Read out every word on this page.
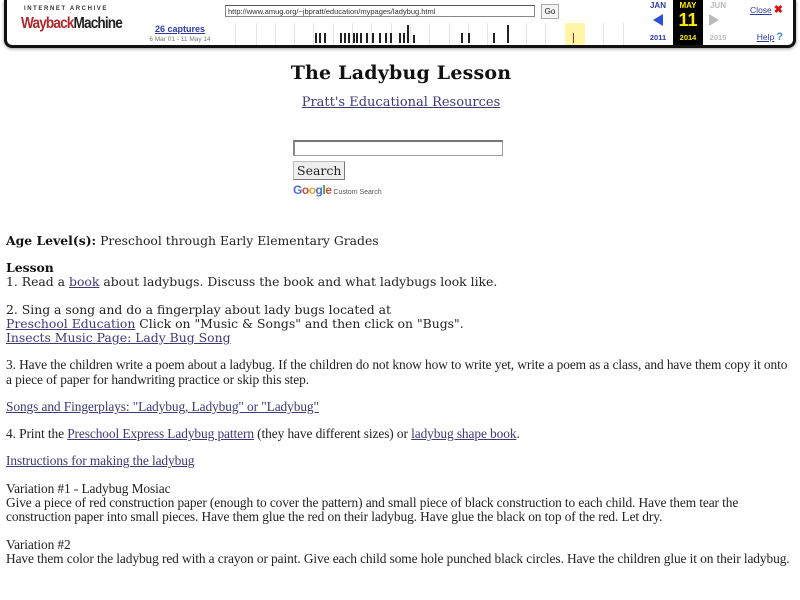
INTERNET ARCHIVE
WaybackMachine	26 captures
6 Mar 01 - 11 May 14
http://www.amug.org/~jbpratt/education/mypages/ladybug.html	Go
JAN
2011
MAY
11
2014
JUN
2015
Close ✖
Help ?
The Ladybug Lesson
Pratt's Educational Resources
Search
Google Custom Search

Age Level(s): Preschool through Early Elementary Grades

Lesson
1. Read a book about ladybugs. Discuss the book and what ladybugs look like.

2. Sing a song and do a fingerplay about lady bugs located at
Preschool Education Click on "Music & Songs" and then click on "Bugs".
Insects Music Page: Lady Bug Song

3. Have the children write a poem about a ladybug. If the children do not know how to write yet, write a poem as a class, and have them copy it onto a piece of paper for handwriting practice or skip this step.

Songs and Fingerplays: "Ladybug, Ladybug" or "Ladybug"

4. Print the Preschool Express Ladybug pattern (they have different sizes) or ladybug shape book.

Instructions for making the ladybug

Variation #1 - Ladybug Mosiac
Give a piece of red construction paper (enough to cover the pattern) and small piece of black construction to each child. Have them tear the construction paper into small pieces. Have them glue the red on their ladybug. Have glue the black on top of the red. Let dry.

Variation #2
Have them color the ladybug red with a crayon or paint. Give each child some hole punched black circles. Have the children glue it on their ladybug.
